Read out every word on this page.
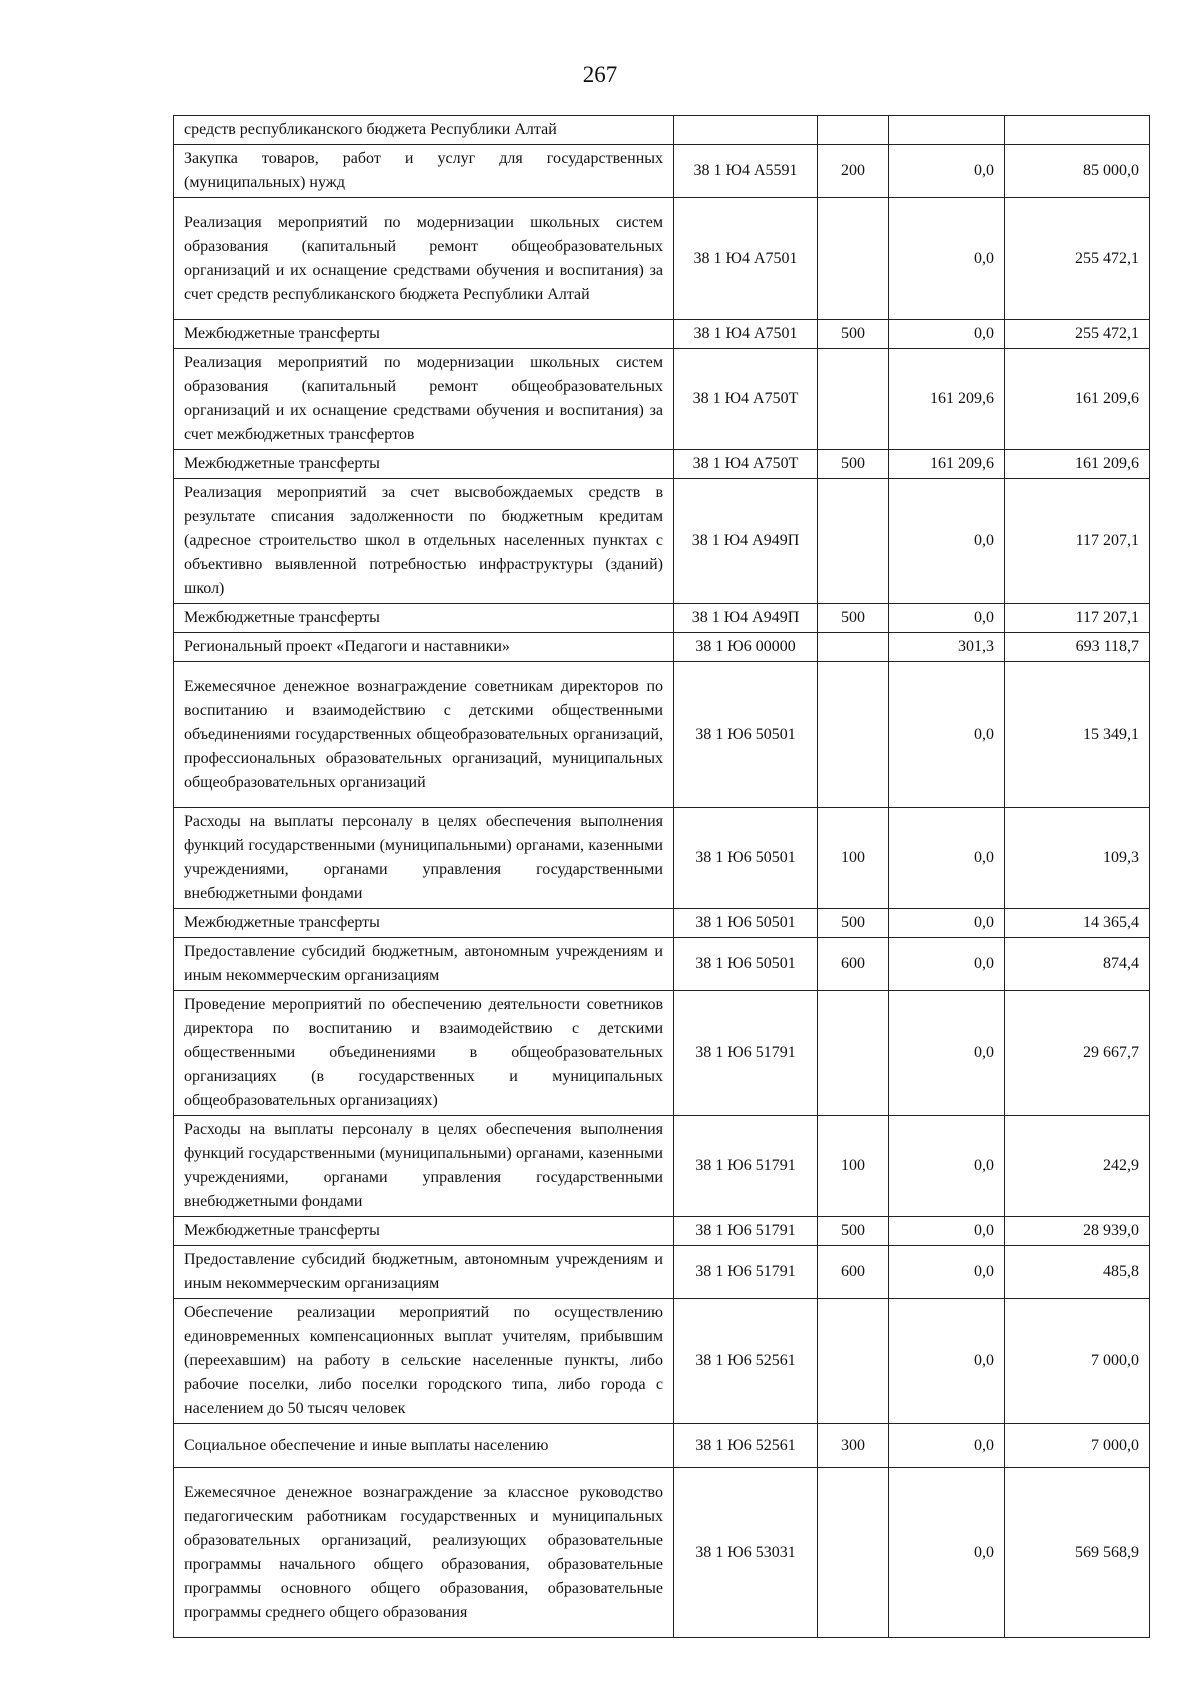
267
средств республиканского бюджета Республики Алтай				
Закупка товаров, работ и услуг для государственных (муниципальных) нужд	38 1 Ю4 А5591	200	0,0	85 000,0
Реализация мероприятий по модернизации школьных систем образования (капитальный ремонт общеобразовательных организаций и их оснащение средствами обучения и воспитания) за счет средств республиканского бюджета Республики Алтай	38 1 Ю4 А7501		0,0	255 472,1
Межбюджетные трансферты	38 1 Ю4 А7501	500	0,0	255 472,1
Реализация мероприятий по модернизации школьных систем образования (капитальный ремонт общеобразовательных организаций и их оснащение средствами обучения и воспитания) за счет межбюджетных трансфертов	38 1 Ю4 А750Т		161 209,6	161 209,6
Межбюджетные трансферты	38 1 Ю4 А750Т	500	161 209,6	161 209,6
Реализация мероприятий за счет высвобождаемых средств в результате списания задолженности по бюджетным кредитам (адресное строительство школ в отдельных населенных пунктах с объективно выявленной потребностью инфраструктуры (зданий) школ)	38 1 Ю4 А949П		0,0	117 207,1
Межбюджетные трансферты	38 1 Ю4 А949П	500	0,0	117 207,1
Региональный проект «Педагоги и наставники»	38 1 Ю6 00000		301,3	693 118,7
Ежемесячное денежное вознаграждение советникам директоров по воспитанию и взаимодействию с детскими общественными объединениями государственных общеобразовательных организаций, профессиональных образовательных организаций, муниципальных общеобразовательных организаций	38 1 Ю6 50501		0,0	15 349,1
Расходы на выплаты персоналу в целях обеспечения выполнения функций государственными (муниципальными) органами, казенными учреждениями, органами управления государственными внебюджетными фондами	38 1 Ю6 50501	100	0,0	109,3
Межбюджетные трансферты	38 1 Ю6 50501	500	0,0	14 365,4
Предоставление субсидий бюджетным, автономным учреждениям и иным некоммерческим организациям	38 1 Ю6 50501	600	0,0	874,4
Проведение мероприятий по обеспечению деятельности советников директора по воспитанию и взаимодействию с детскими общественными объединениями в общеобразовательных организациях (в государственных и муниципальных общеобразовательных организациях)	38 1 Ю6 51791		0,0	29 667,7
Расходы на выплаты персоналу в целях обеспечения выполнения функций государственными (муниципальными) органами, казенными учреждениями, органами управления государственными внебюджетными фондами	38 1 Ю6 51791	100	0,0	242,9
Межбюджетные трансферты	38 1 Ю6 51791	500	0,0	28 939,0
Предоставление субсидий бюджетным, автономным учреждениям и иным некоммерческим организациям	38 1 Ю6 51791	600	0,0	485,8
Обеспечение реализации мероприятий по осуществлению единовременных компенсационных выплат учителям, прибывшим (переехавшим) на работу в сельские населенные пункты, либо рабочие поселки, либо поселки городского типа, либо города с населением до 50 тысяч человек	38 1 Ю6 52561		0,0	7 000,0
Социальное обеспечение и иные выплаты населению	38 1 Ю6 52561	300	0,0	7 000,0
Ежемесячное денежное вознаграждение за классное руководство педагогическим работникам государственных и муниципальных образовательных организаций, реализующих образовательные программы начального общего образования, образовательные программы основного общего образования, образовательные программы среднего общего образования	38 1 Ю6 53031		0,0	569 568,9
